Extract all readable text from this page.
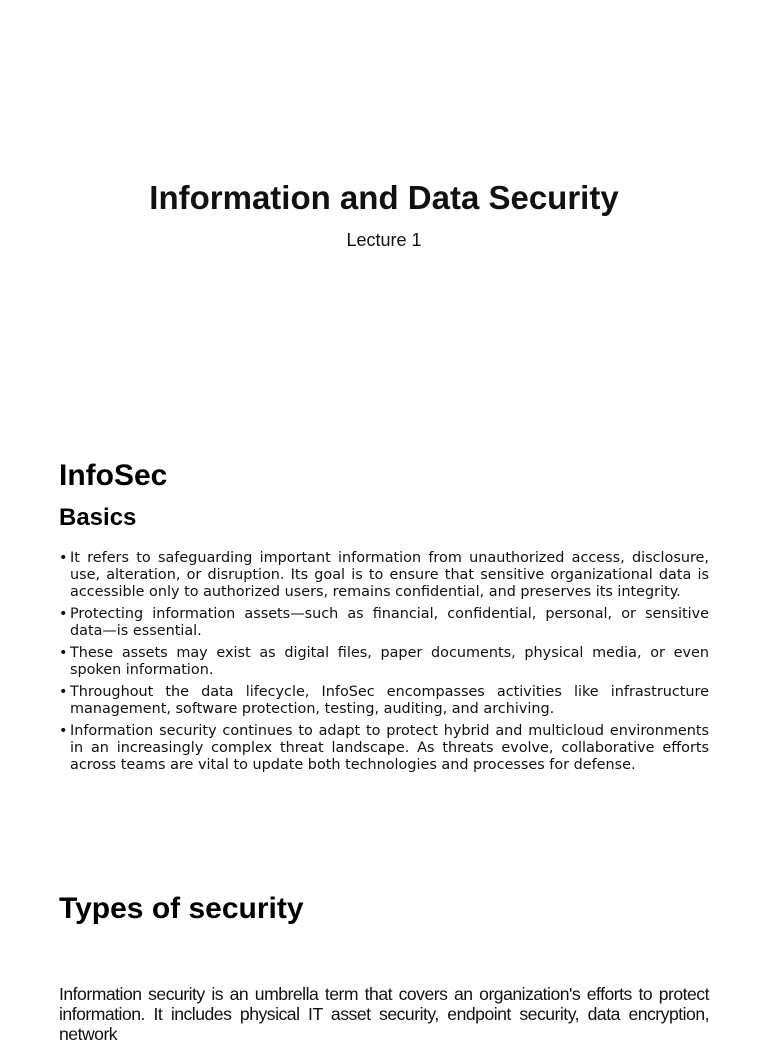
Information and Data Security
Lecture 1
InfoSec
Basics
• It refers to safeguarding important information from unauthorized access, disclosure, use, alteration, or disruption. Its goal is to ensure that sensitive organizational data is accessible only to authorized users, remains confidential, and preserves its integrity.
• Protecting information assets—such as financial, confidential, personal, or sensitive data—is essential.
• These assets may exist as digital files, paper documents, physical media, or even spoken information.
• Throughout the data lifecycle, InfoSec encompasses activities like infrastructure management, software protection, testing, auditing, and archiving.
• Information security continues to adapt to protect hybrid and multicloud environments in an increasingly complex threat landscape. As threats evolve, collaborative efforts across teams are vital to update both technologies and processes for defense.
Types of security

Information security is an umbrella term that covers an organization's efforts to protect information. It includes physical IT asset security, endpoint security, data encryption, network
